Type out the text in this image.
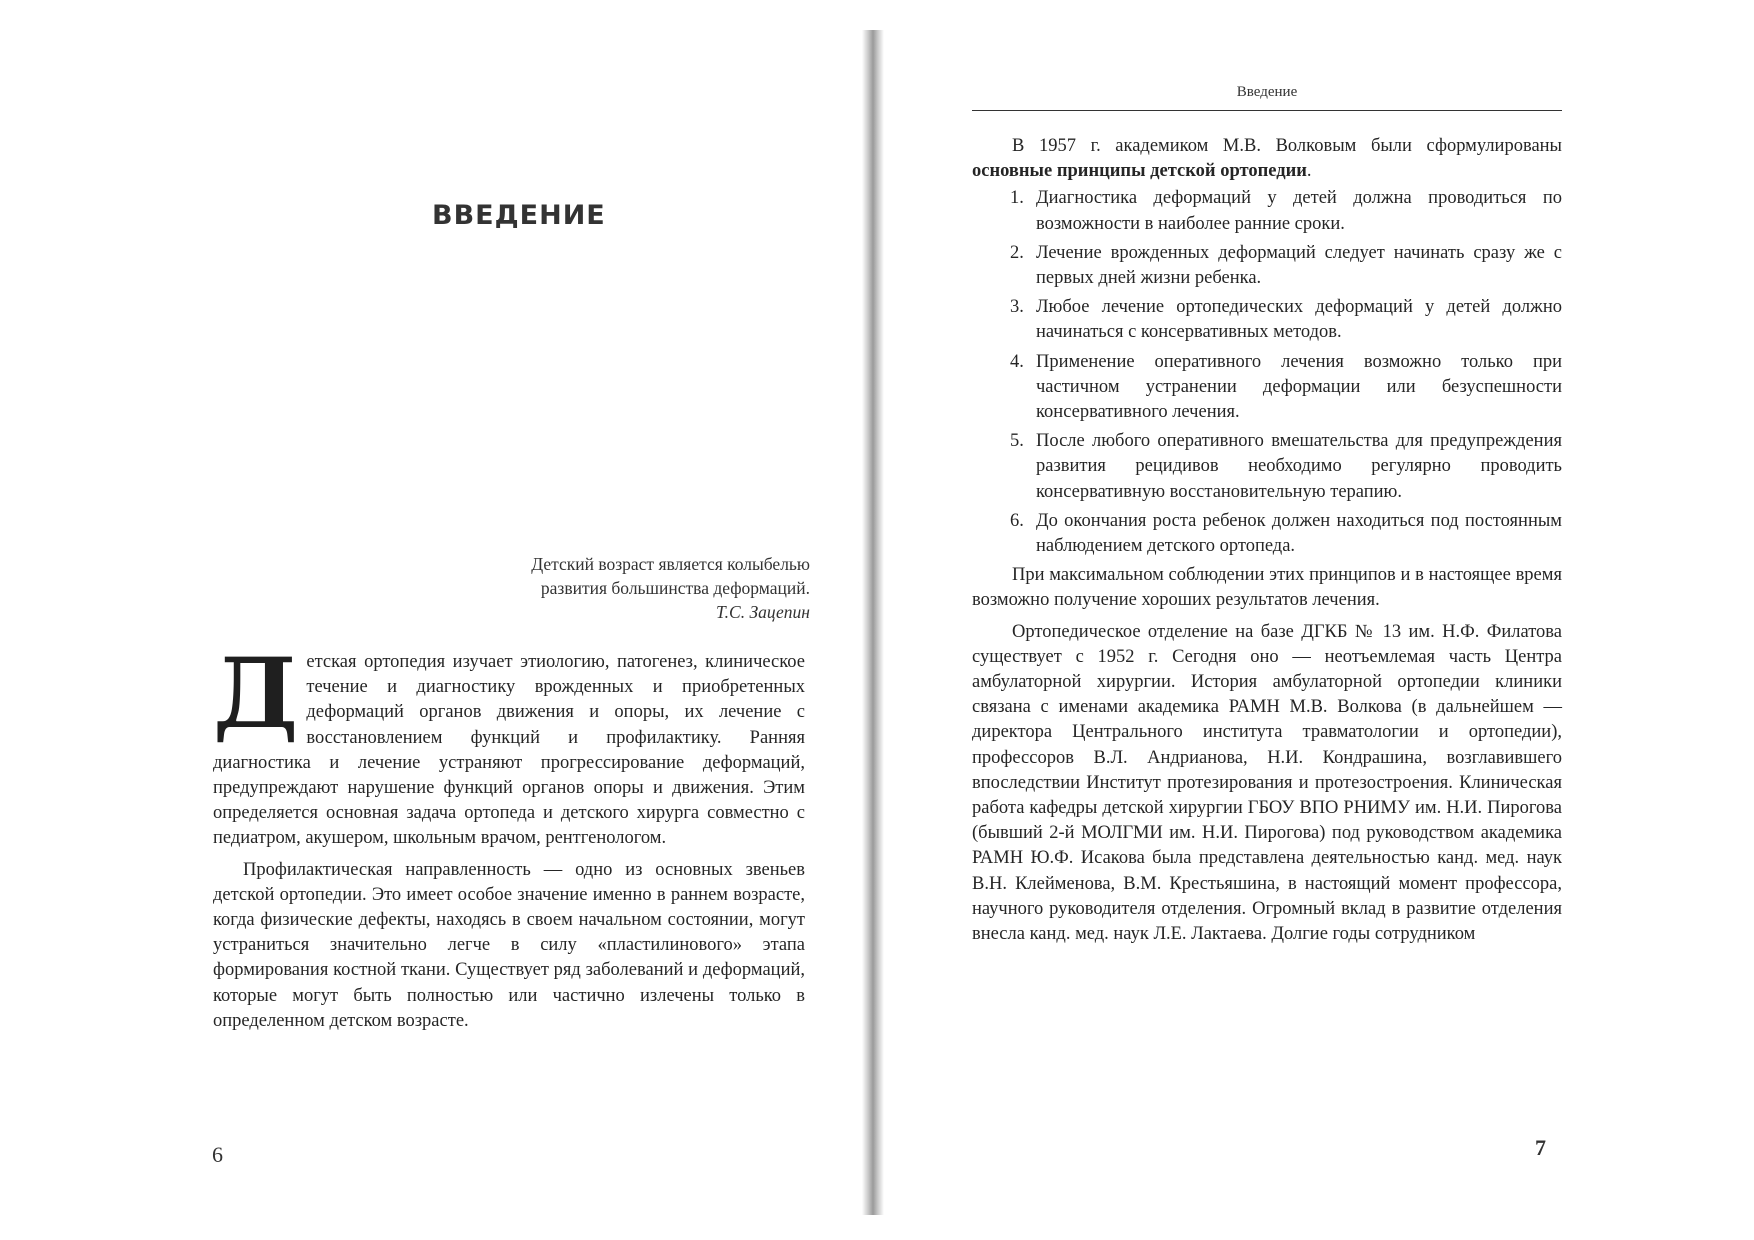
ВВЕДЕНИЕ
Детский возраст является колыбелью
развития большинства деформаций.
Т.С. Зацепин

Детская ортопедия изучает этиологию, патогенез, клиническое течение и диагностику врожденных и приобретенных деформаций органов движения и опоры, их лечение с восстановлением функций и профилактику. Ранняя диагностика и лечение устраняют прогрессирование деформаций, предупреждают нарушение функций органов опоры и движения. Этим определяется основная задача ортопеда и детского хирурга совместно с педиатром, акушером, школьным врачом, рентгенологом.

Профилактическая направленность — одно из основных звеньев детской ортопедии. Это имеет особое значение именно в раннем возрасте, когда физические дефекты, находясь в своем начальном состоянии, могут устраниться значительно легче в силу «пластилинового» этапа формирования костной ткани. Существует ряд заболеваний и деформаций, которые могут быть полностью или частично излечены только в определенном детском возрасте.

6
Введение

В 1957 г. академиком М.В. Волковым были сформулированы основные принципы детской ортопедии.

1. Диагностика деформаций у детей должна проводиться по возможности в наиболее ранние сроки.
2. Лечение врожденных деформаций следует начинать сразу же с первых дней жизни ребенка.
3. Любое лечение ортопедических деформаций у детей должно начинаться с консервативных методов.
4. Применение оперативного лечения возможно только при частичном устранении деформации или безуспешности консервативного лечения.
5. После любого оперативного вмешательства для предупреждения развития рецидивов необходимо регулярно проводить консервативную восстановительную терапию.
6. До окончания роста ребенок должен находиться под постоянным наблюдением детского ортопеда.

При максимальном соблюдении этих принципов и в настоящее время возможно получение хороших результатов лечения.

Ортопедическое отделение на базе ДГКБ № 13 им. Н.Ф. Филатова существует с 1952 г. Сегодня оно — неотъемлемая часть Центра амбулаторной хирургии. История амбулаторной ортопедии клиники связана с именами академика РАМН М.В. Волкова (в дальнейшем — директора Центрального института травматологии и ортопедии), профессоров В.Л. Андрианова, Н.И. Кондрашина, возглавившего впоследствии Институт протезирования и протезостроения. Клиническая работа кафедры детской хирургии ГБОУ ВПО РНИМУ им. Н.И. Пирогова (бывший 2-й МОЛГМИ им. Н.И. Пирогова) под руководством академика РАМН Ю.Ф. Исакова была представлена деятельностью канд. мед. наук В.Н. Клейменова, В.М. Крестьяшина, в настоящий момент профессора, научного руководителя отделения. Огромный вклад в развитие отделения внесла канд. мед. наук Л.Е. Лактаева. Долгие годы сотрудником

7
